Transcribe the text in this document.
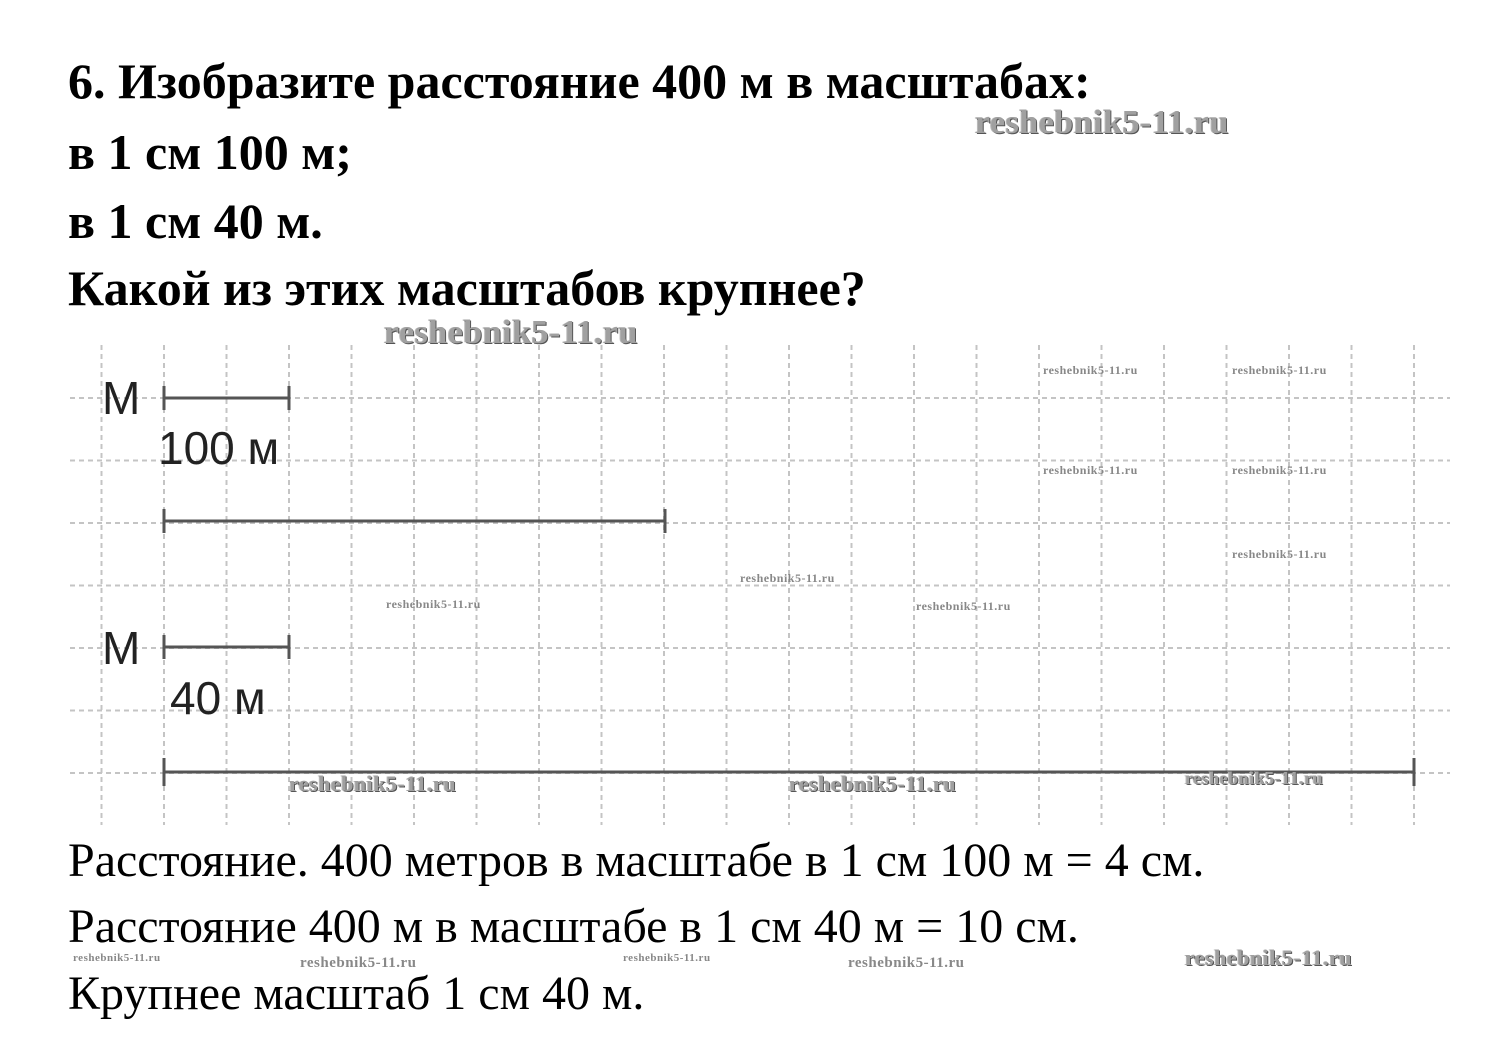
6. Изобразите расстояние 400 м в масштабах:

в 1 см 100 м;

в 1 см 40 м.

Какой из этих масштабов крупнее?

М
100 м
М
40 м

Расстояние. 400 метров в масштабе в 1 см 100 м = 4 см.

Расстояние 400 м в масштабе в 1 см 40 м = 10 см.

Крупнее масштаб 1 см 40 м.

reshebnik5-11.ru
reshebnik5-11.ru
reshebnik5-11.ru	reshebnik5-11.ru
reshebnik5-11.ru	reshebnik5-11.ru
reshebnik5-11.ru
reshebnik5-11.ru
reshebnik5-11.ru	reshebnik5-11.ru
reshebnik5-11.ru	reshebnik5-11.ru	reshebnik5-11.ru
reshebnik5-11.ru	reshebnik5-11.ru	reshebnik5-11.ru	reshebnik5-11.ru	reshebnik5-11.ru
